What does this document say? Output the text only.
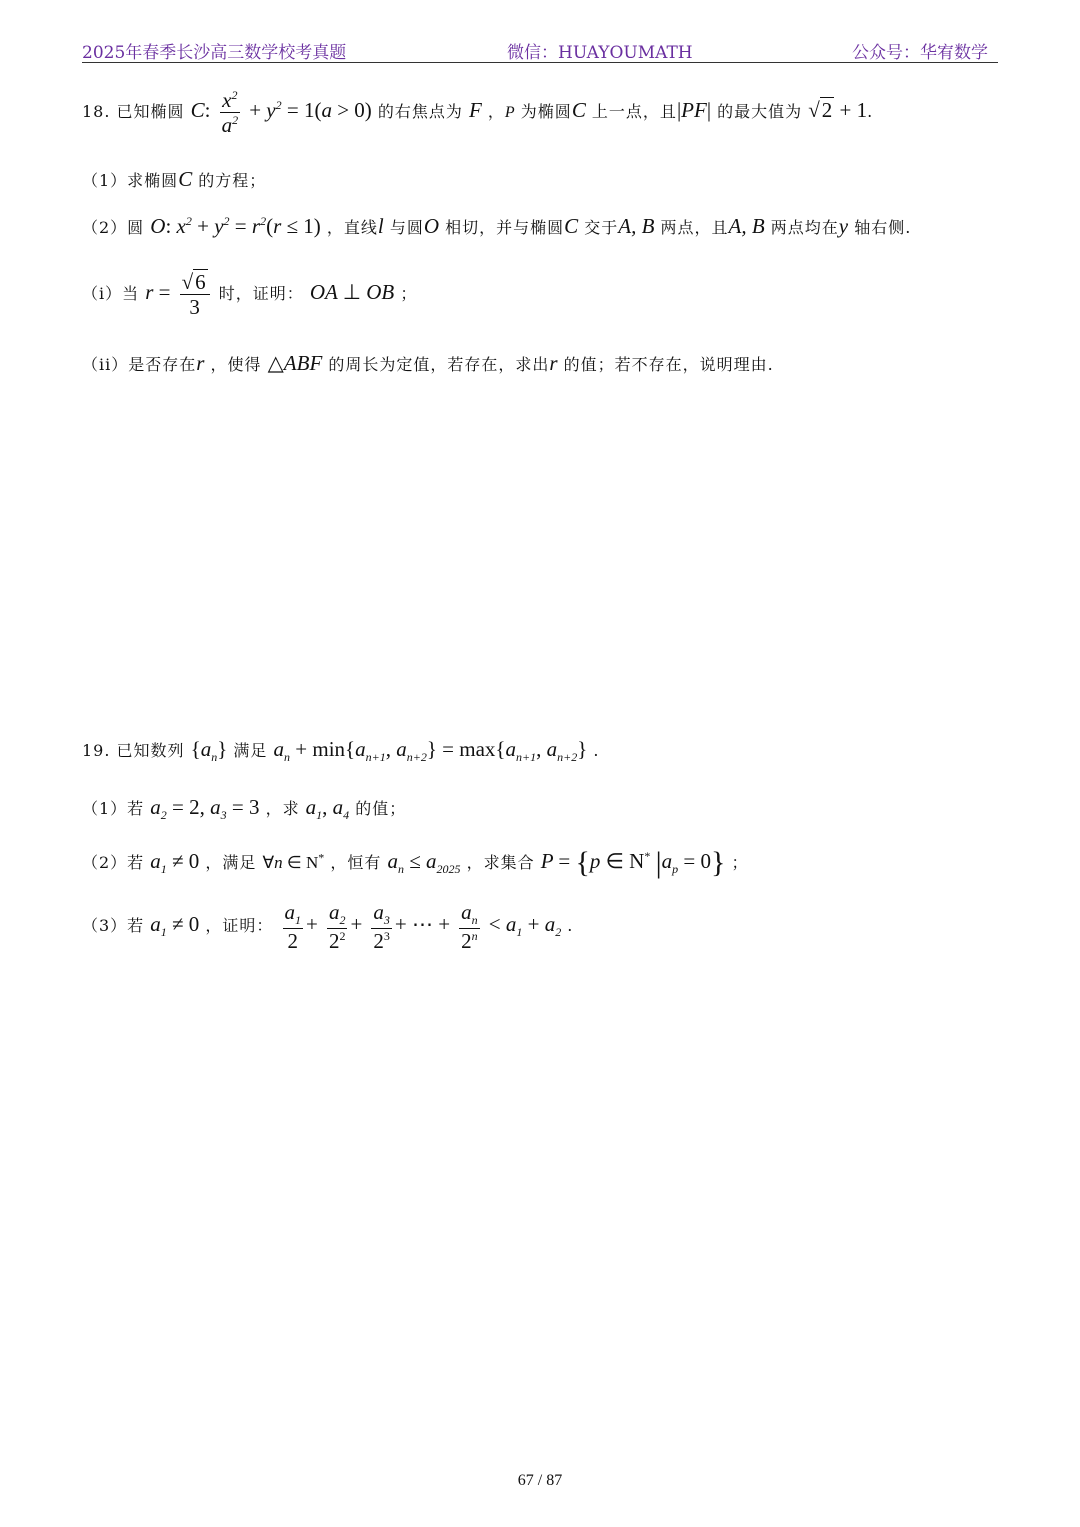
2025年春季长沙高三数学校考真题	微信：HUAYOUMATH	公众号：华宥数学
18. 已知椭圆 C: $\frac{x^2}{a^2} + y^2 = 1(a > 0)$ 的右焦点为 F ，P 为椭圆C 上一点，且|PF| 的最大值为 √2 + 1.
（1）求椭圆C 的方程；
（2）圆 O: $x^2 + y^2 = r^2(r \le 1)$ ，直线l 与圆O 相切，并与椭圆C 交于A, B 两点，且A, B 两点均在y 轴右侧.
（i）当 $r = \frac{√6}{3}$ 时，证明： OA ⊥ OB ；
（ii）是否存在r ，使得 △ABF 的周长为定值，若存在，求出r 的值；若不存在，说明理由.
19. 已知数列 $\{a_n\}$ 满足 $a_n + \min\{a_{n+1}$, $a_{n+2}\} = \max\{a_{n+1}$, $a_{n+2}$} .
（1）若 $a_2 = 2$, $a_3 = 3$ ，求 $a_1$, $a_4$ 的值；
（2）若 $a_1 \ne 0$ ，满足 ∀n ∈ N* ，恒有 $a_n \le a_{2025}$ ，求集合 P = {p ∈ N* $|a_p = 0$} ；
（3）若 $a_1 \ne 0$ ，证明： $\frac{a_1}{2} + \frac{a_2}{2^2} + \frac{a_3}{2^3}$ + ⋯ + $\frac{a_n}{2^n} < a_1 + a_2$ .
67 / 87
